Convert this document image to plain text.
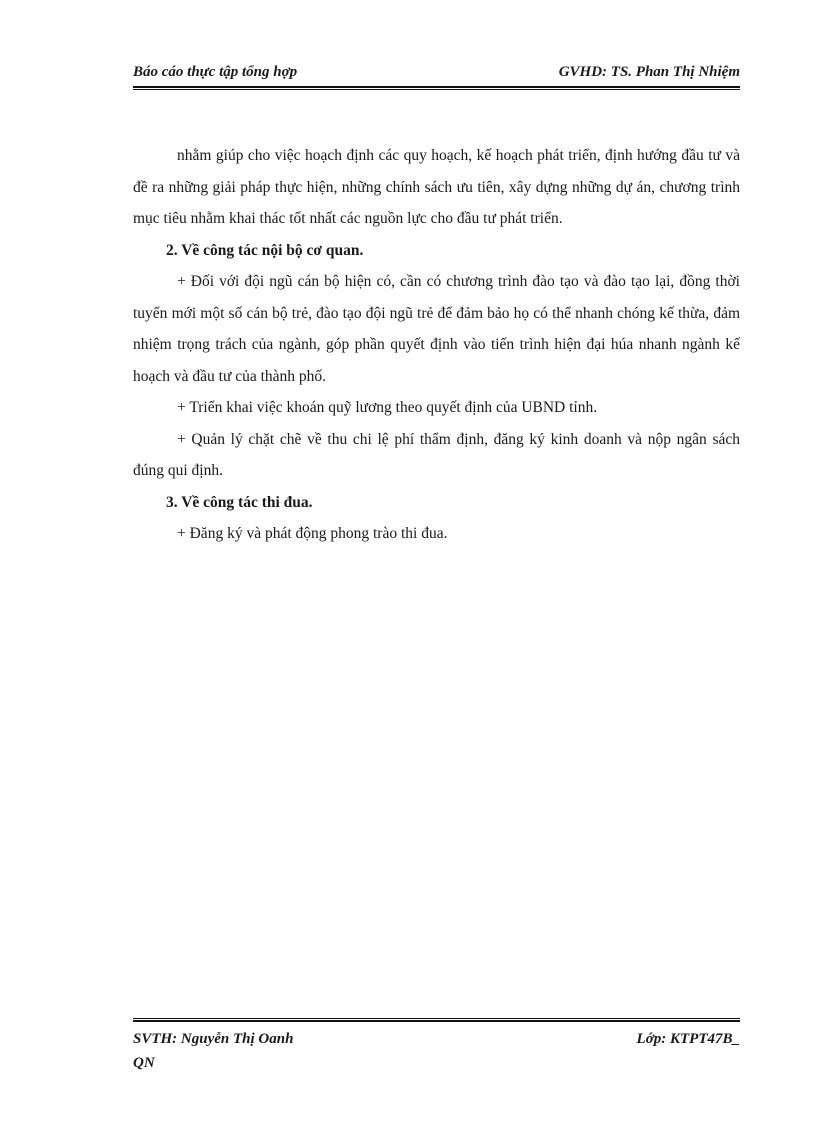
Báo cáo thực tập tổng hợp	GVHD: TS. Phan Thị Nhiệm

nhằm giúp cho việc hoạch định các quy hoạch, kế hoạch phát triển, định hướng đầu tư và đề ra những giải pháp thực hiện, những chính sách ưu tiên, xây dựng những dự án, chương trình mục tiêu nhằm khai thác tốt nhất các nguồn lực cho đầu tư phát triển.

2. Về công tác nội bộ cơ quan.

+ Đối với đội ngũ cán bộ hiện có, cần có chương trình đào tạo và đào tạo lại, đồng thời tuyển mới một số cán bộ trẻ, đào tạo đội ngũ trẻ để đảm bảo họ có thể nhanh chóng kế thừa, đảm nhiệm trọng trách của ngành, góp phần quyết định vào tiến trình hiện đại húa nhanh ngành kế hoạch và đầu tư của thành phố.

+ Triển khai việc khoán quỹ lương theo quyết định của UBND tỉnh.

+ Quản lý chặt chẽ về thu chi lệ phí thẩm định, đăng ký kinh doanh và nộp ngân sách đúng qui định.

3. Về công tác thi đua.

+ Đăng ký và phát động phong trào thi đua.

SVTH: Nguyễn Thị Oanh	Lớp: KTPT47B_
QN
